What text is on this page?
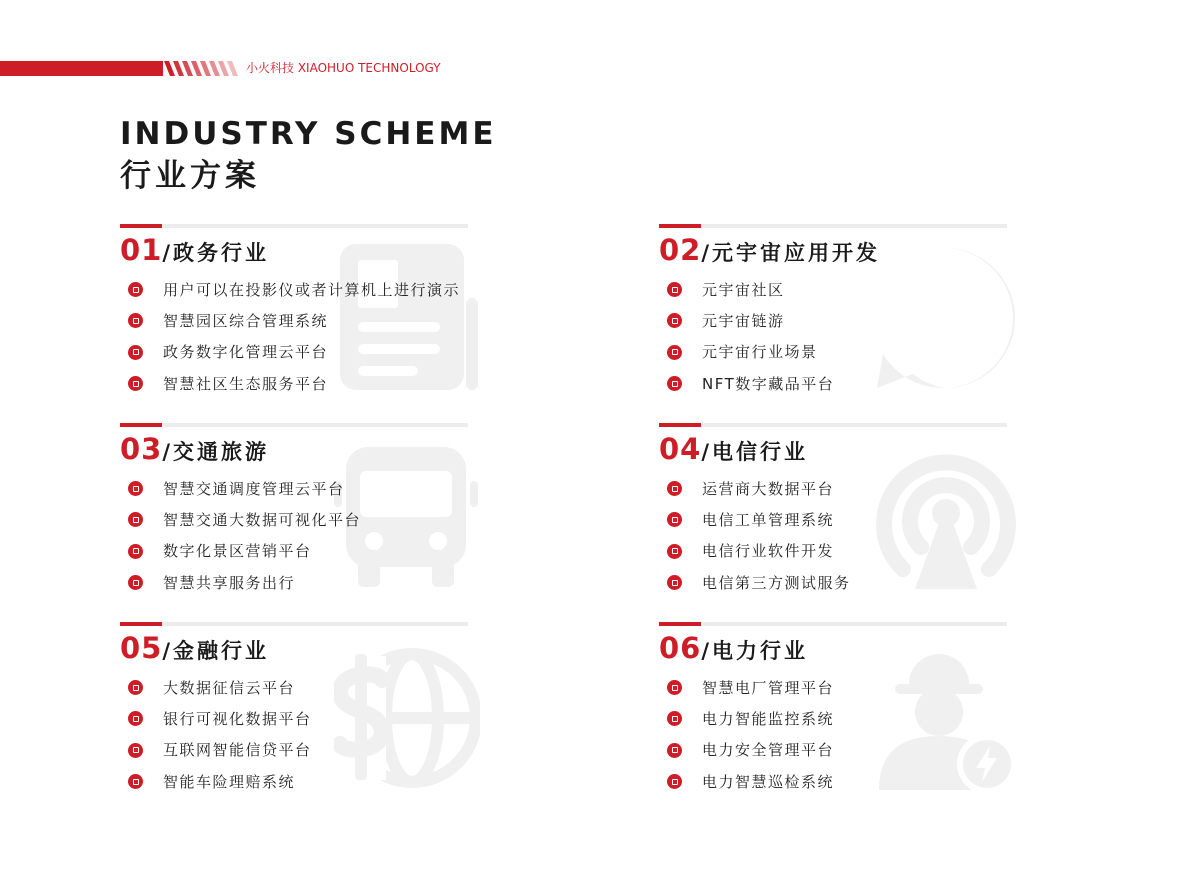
小火科技 XIAOHUO TECHNOLOGY
INDUSTRY SCHEME
行业方案
01/政务行业
用户可以在投影仪或者计算机上进行演示
智慧园区综合管理系统
政务数字化管理云平台
智慧社区生态服务平台
02/元宇宙应用开发
元宇宙社区
元宇宙链游
元宇宙行业场景
NFT数字藏品平台
03/交通旅游
智慧交通调度管理云平台
智慧交通大数据可视化平台
数字化景区营销平台
智慧共享服务出行
04/电信行业
运营商大数据平台
电信工单管理系统
电信行业软件开发
电信第三方测试服务
05/金融行业
大数据征信云平台
银行可视化数据平台
互联网智能信贷平台
智能车险理赔系统
06/电力行业
智慧电厂管理平台
电力智能监控系统
电力安全管理平台
电力智慧巡检系统
